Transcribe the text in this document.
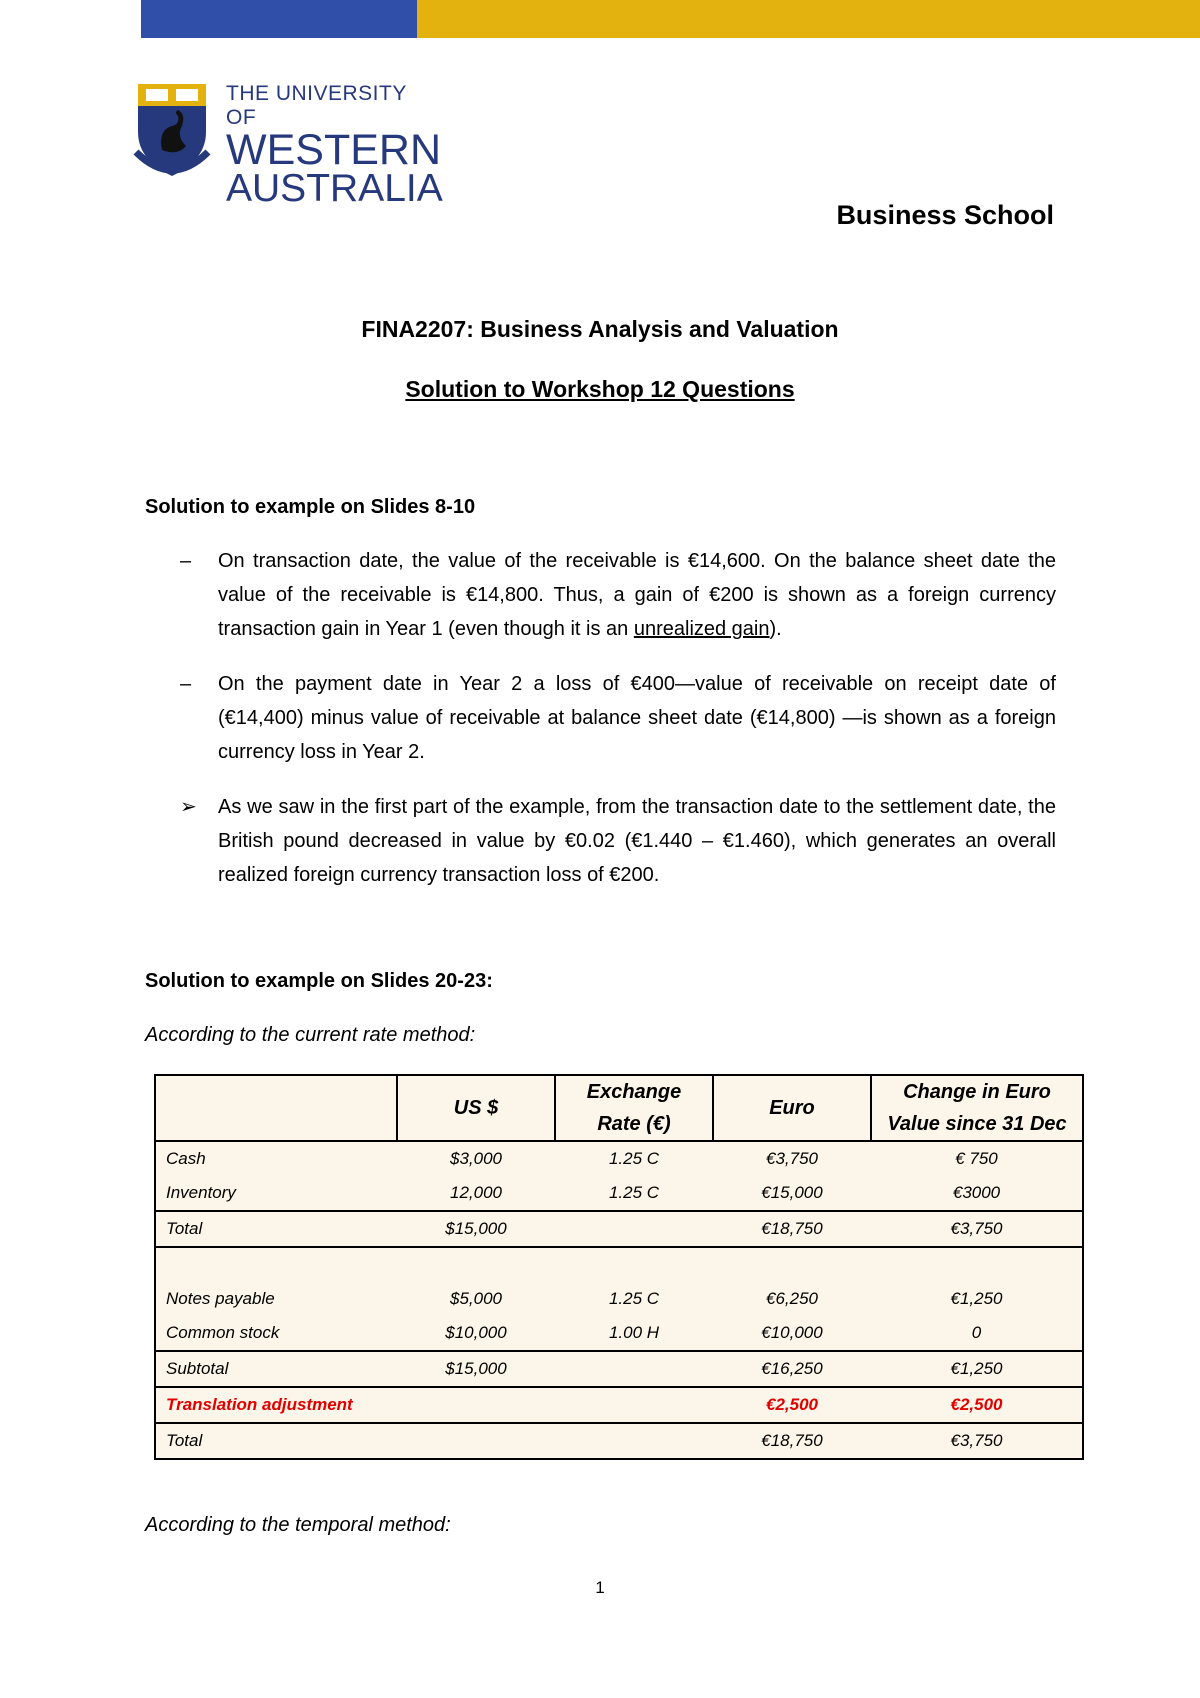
THE UNIVERSITY OF
WESTERN
AUSTRALIA
Business School
FINA2207: Business Analysis and Valuation
Solution to Workshop 12 Questions
Solution to example on Slides 8-10
– On transaction date, the value of the receivable is €14,600. On the balance sheet date the value of the receivable is €14,800. Thus, a gain of €200 is shown as a foreign currency transaction gain in Year 1 (even though it is an unrealized gain).
– On the payment date in Year 2 a loss of €400—value of receivable on receipt date of (€14,400) minus value of receivable at balance sheet date (€14,800) —is shown as a foreign currency loss in Year 2.
➢ As we saw in the first part of the example, from the transaction date to the settlement date, the British pound decreased in value by €0.02 (€1.440 – €1.460), which generates an overall realized foreign currency transaction loss of €200.
Solution to example on Slides 20-23:
According to the current rate method:
	US $	Exchange Rate (€)	Euro	Change in Euro Value since 31 Dec
Cash	$3,000	1.25 C	€3,750	€ 750
Inventory	12,000	1.25 C	€15,000	€3000
Total	$15,000		€18,750	€3,750

Notes payable	$5,000	1.25 C	€6,250	€1,250
Common stock	$10,000	1.00 H	€10,000	0
Subtotal	$15,000		€16,250	€1,250
Translation adjustment			€2,500	€2,500
Total			€18,750	€3,750
According to the temporal method:
1
